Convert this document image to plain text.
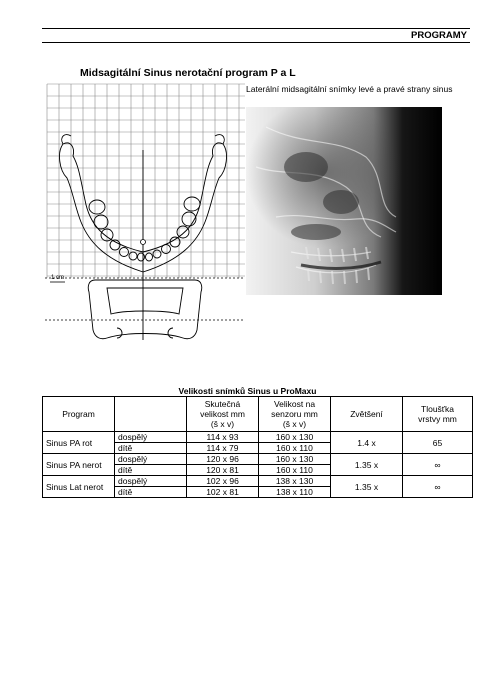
PROGRAMY
Midsagitální Sinus nerotační program P a L
Laterální midsagitální snímky levé a pravé strany sinus
1 cm
Velikosti snímků Sinus u ProMaxu
Program		Skutečná
velikost mm
(š x v)	Velikost na
senzoru mm
(š x v)	Zvětšení	Tloušťka
vrstvy mm
Sinus PA rot	dospělý	114 x 93	160 x 130	1.4 x	65
	dítě	114 x 79	160 x 110		
Sinus PA nerot	dospělý	120 x 96	160 x 130	1.35 x	∞
	dítě	120 x 81	160 x 110		
Sinus Lat nerot	dospělý	102 x 96	138 x 130	1.35 x	∞
	dítě	102 x 81	138 x 110		
